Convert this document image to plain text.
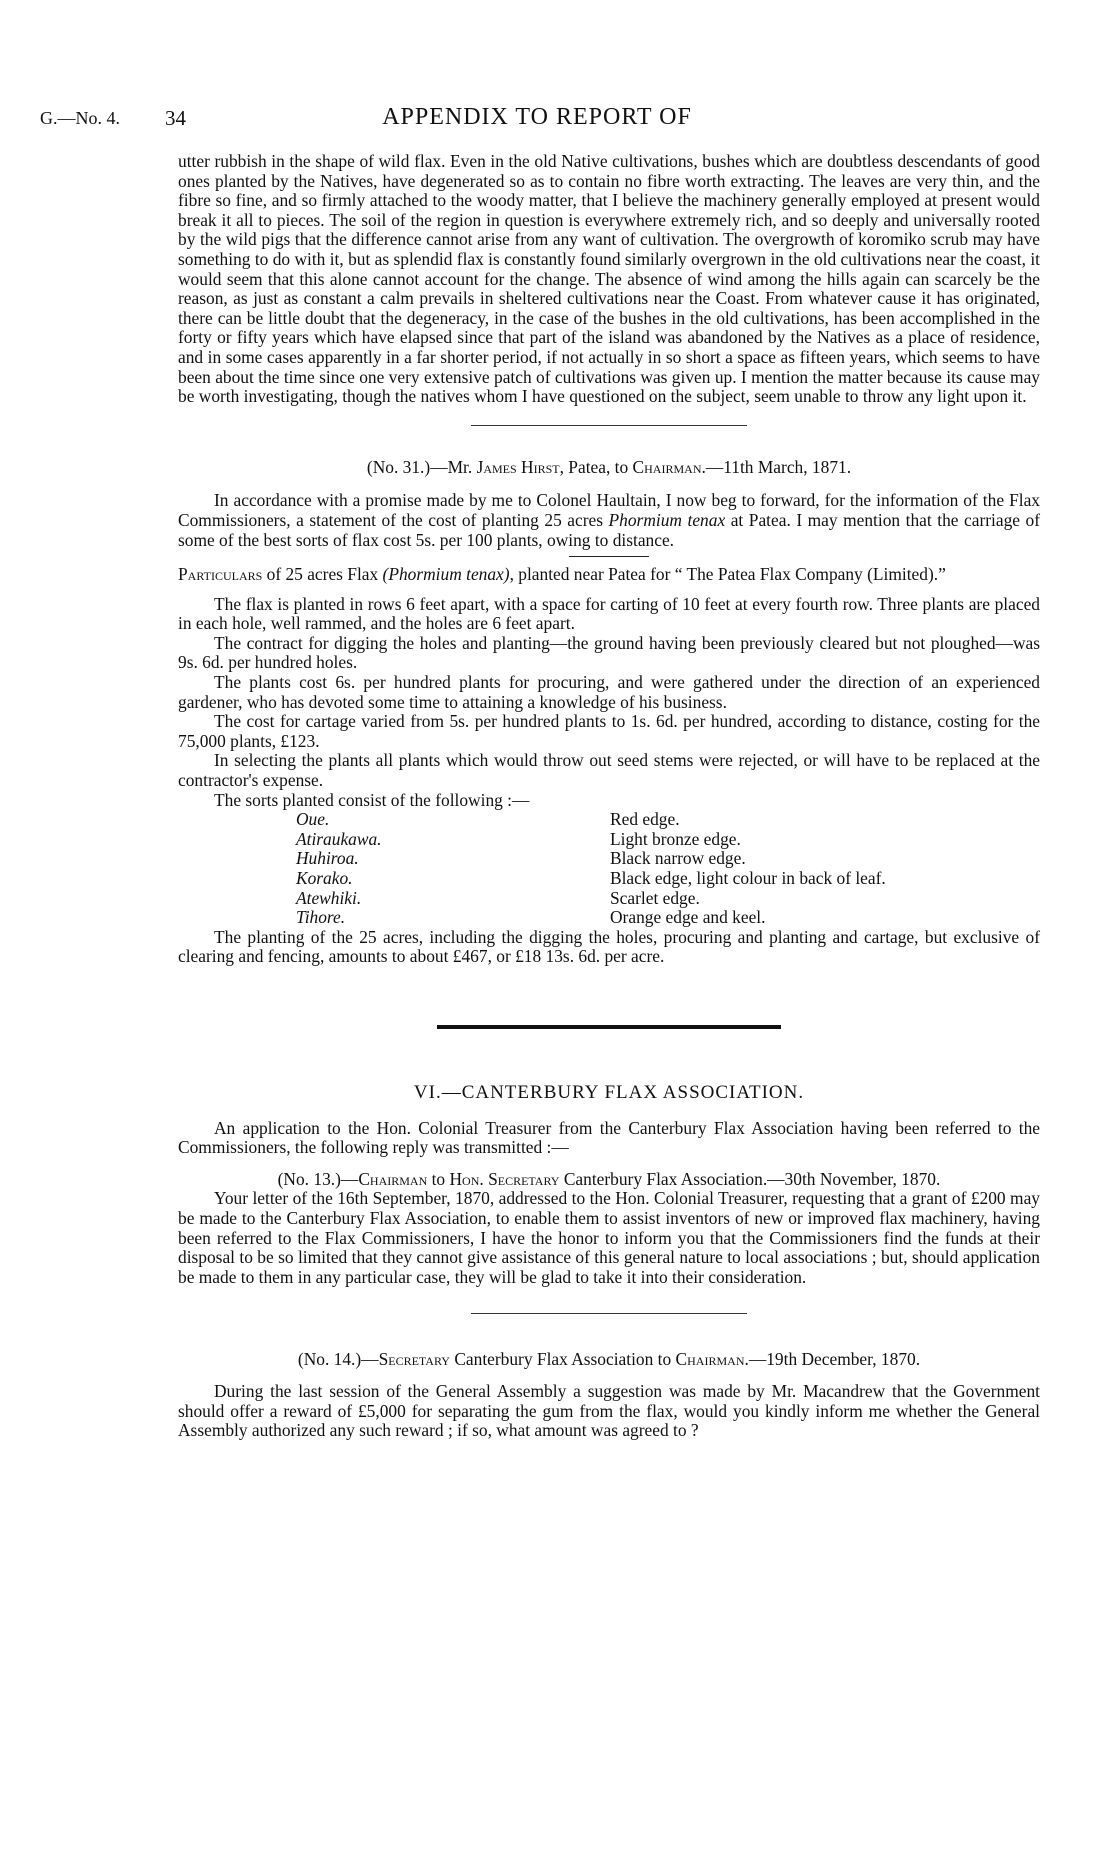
G.—No. 4. 34	APPENDIX TO REPORT OF

utter rubbish in the shape of wild flax. Even in the old Native cultivations, bushes which are doubtless descendants of good ones planted by the Natives, have degenerated so as to contain no fibre worth extracting. The leaves are very thin, and the fibre so fine, and so firmly attached to the woody matter, that I believe the machinery generally employed at present would break it all to pieces. The soil of the region in question is everywhere extremely rich, and so deeply and universally rooted by the wild pigs that the difference cannot arise from any want of cultivation. The overgrowth of koromiko scrub may have something to do with it, but as splendid flax is constantly found similarly overgrown in the old cultivations near the coast, it would seem that this alone cannot account for the change. The absence of wind among the hills again can scarcely be the reason, as just as constant a calm prevails in sheltered cultivations near the Coast. From whatever cause it has originated, there can be little doubt that the degeneracy, in the case of the bushes in the old cultivations, has been accomplished in the forty or fifty years which have elapsed since that part of the island was abandoned by the Natives as a place of residence, and in some cases apparently in a far shorter period, if not actually in so short a space as fifteen years, which seems to have been about the time since one very extensive patch of cultivations was given up. I mention the matter because its cause may be worth investigating, though the natives whom I have questioned on the subject, seem unable to throw any light upon it.

(No. 31.)—Mr. James Hirst, Patea, to Chairman.—11th March, 1871.

In accordance with a promise made by me to Colonel Haultain, I now beg to forward, for the information of the Flax Commissioners, a statement of the cost of planting 25 acres Phormium tenax at Patea. I may mention that the carriage of some of the best sorts of flax cost 5s. per 100 plants, owing to distance.

Particulars of 25 acres Flax (Phormium tenax), planted near Patea for “ The Patea Flax Company (Limited).”

The flax is planted in rows 6 feet apart, with a space for carting of 10 feet at every fourth row. Three plants are placed in each hole, well rammed, and the holes are 6 feet apart.

The contract for digging the holes and planting—the ground having been previously cleared but not ploughed—was 9s. 6d. per hundred holes.

The plants cost 6s. per hundred plants for procuring, and were gathered under the direction of an experienced gardener, who has devoted some time to attaining a knowledge of his business.

The cost for cartage varied from 5s. per hundred plants to 1s. 6d. per hundred, according to distance, costing for the 75,000 plants, £123.

In selecting the plants all plants which would throw out seed stems were rejected, or will have to be replaced at the contractor's expense.

The sorts planted consist of the following :—

Oue.	Red edge.
Atiraukawa.	Light bronze edge.
Huhiroa.	Black narrow edge.
Korako.	Black edge, light colour in back of leaf.
Atewhiki.	Scarlet edge.
Tihore.	Orange edge and keel.

The planting of the 25 acres, including the digging the holes, procuring and planting and cartage, but exclusive of clearing and fencing, amounts to about £467, or £18 13s. 6d. per acre.

VI.—CANTERBURY FLAX ASSOCIATION.

An application to the Hon. Colonial Treasurer from the Canterbury Flax Association having been referred to the Commissioners, the following reply was transmitted :—

(No. 13.)—Chairman to Hon. Secretary Canterbury Flax Association.—30th November, 1870.

Your letter of the 16th September, 1870, addressed to the Hon. Colonial Treasurer, requesting that a grant of £200 may be made to the Canterbury Flax Association, to enable them to assist inventors of new or improved flax machinery, having been referred to the Flax Commissioners, I have the honor to inform you that the Commissioners find the funds at their disposal to be so limited that they cannot give assistance of this general nature to local associations ; but, should application be made to them in any particular case, they will be glad to take it into their consideration.

(No. 14.)—Secretary Canterbury Flax Association to Chairman.—19th December, 1870.

During the last session of the General Assembly a suggestion was made by Mr. Macandrew that the Government should offer a reward of £5,000 for separating the gum from the flax, would you kindly inform me whether the General Assembly authorized any such reward ; if so, what amount was agreed to ?
